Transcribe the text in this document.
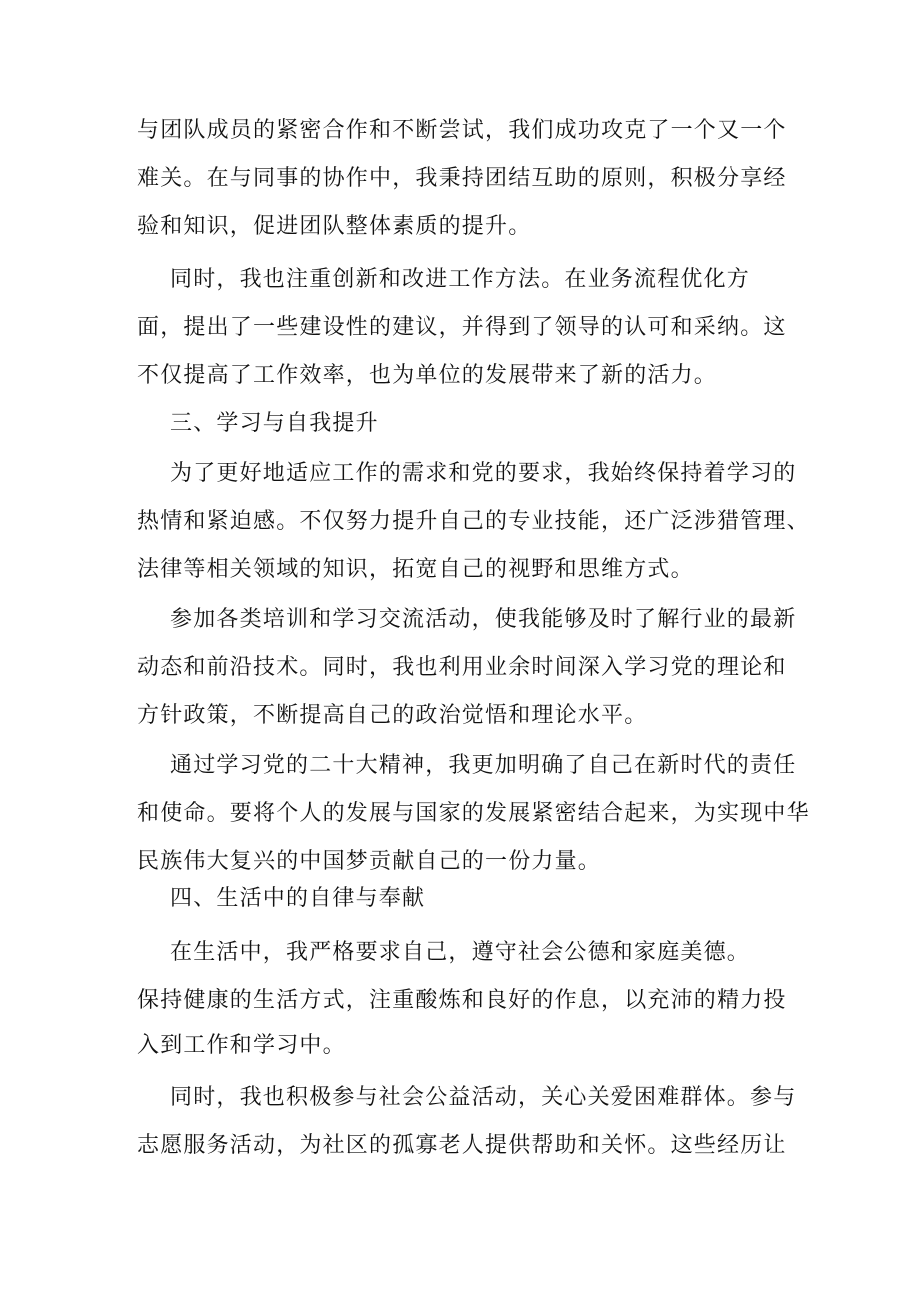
与团队成员的紧密合作和不断尝试，我们成功攻克了一个又一个
难关。在与同事的协作中，我秉持团结互助的原则，积极分享经
验和知识，促进团队整体素质的提升。
同时，我也注重创新和改进工作方法。在业务流程优化方
面，提出了一些建设性的建议，并得到了领导的认可和采纳。这
不仅提高了工作效率，也为单位的发展带来了新的活力。
三、学习与自我提升
为了更好地适应工作的需求和党的要求，我始终保持着学习的
热情和紧迫感。不仅努力提升自己的专业技能，还广泛涉猎管理、
法律等相关领域的知识，拓宽自己的视野和思维方式。
参加各类培训和学习交流活动，使我能够及时了解行业的最新
动态和前沿技术。同时，我也利用业余时间深入学习党的理论和
方针政策，不断提高自己的政治觉悟和理论水平。
通过学习党的二十大精神，我更加明确了自己在新时代的责任
和使命。要将个人的发展与国家的发展紧密结合起来，为实现中华
民族伟大复兴的中国梦贡献自己的一份力量。
四、生活中的自律与奉献
在生活中，我严格要求自己，遵守社会公德和家庭美德。
保持健康的生活方式，注重酸炼和良好的作息，以充沛的精力投
入到工作和学习中。
同时，我也积极参与社会公益活动，关心关爱困难群体。参与
志愿服务活动，为社区的孤寡老人提供帮助和关怀。这些经历让
